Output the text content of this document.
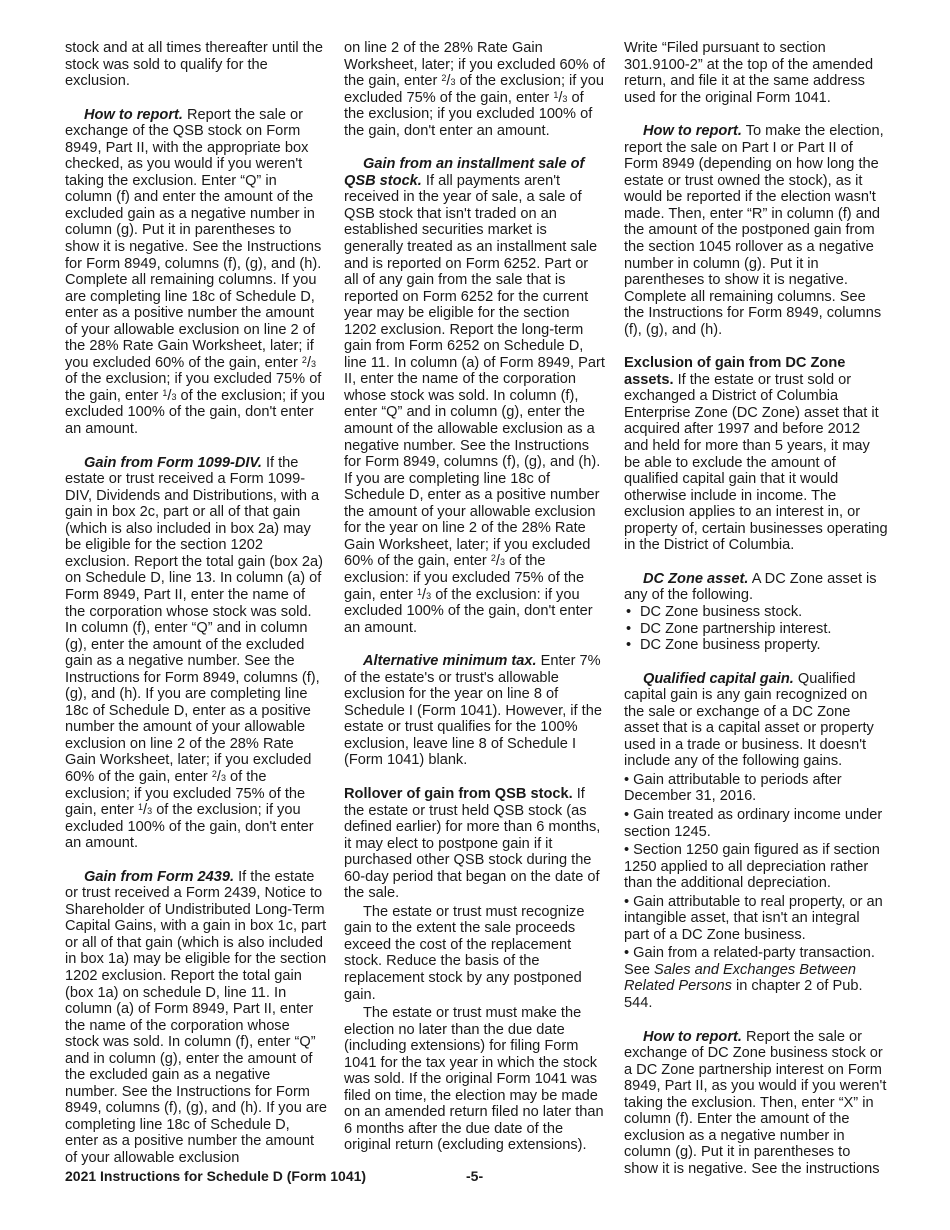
stock and at all times thereafter until the stock was sold to qualify for the exclusion.

How to report. Report the sale or exchange of the QSB stock on Form 8949, Part II, with the appropriate box checked, as you would if you weren't taking the exclusion. Enter “Q” in column (f) and enter the amount of the excluded gain as a negative number in column (g). Put it in parentheses to show it is negative. See the Instructions for Form 8949, columns (f), (g), and (h). Complete all remaining columns. If you are completing line 18c of Schedule D, enter as a positive number the amount of your allowable exclusion on line 2 of the 28% Rate Gain Worksheet, later; if you excluded 60% of the gain, enter $^2$/3 of the exclusion; if you excluded 75% of the gain, enter $^1$/3 of the exclusion; if you excluded 100% of the gain, don't enter an amount.

Gain from Form 1099-DIV. If the estate or trust received a Form 1099-DIV, Dividends and Distributions, with a gain in box 2c, part or all of that gain (which is also included in box 2a) may be eligible for the section 1202 exclusion. Report the total gain (box 2a) on Schedule D, line 13. In column (a) of Form 8949, Part II, enter the name of the corporation whose stock was sold. In column (f), enter “Q” and in column (g), enter the amount of the excluded gain as a negative number. See the Instructions for Form 8949, columns (f), (g), and (h). If you are completing line 18c of Schedule D, enter as a positive number the amount of your allowable exclusion on line 2 of the 28% Rate Gain Worksheet, later; if you excluded 60% of the gain, enter $^2$/3 of the exclusion; if you excluded 75% of the gain, enter $^1$/3 of the exclusion; if you excluded 100% of the gain, don't enter an amount.

Gain from Form 2439. If the estate or trust received a Form 2439, Notice to Shareholder of Undistributed Long-Term Capital Gains, with a gain in box 1c, part or all of that gain (which is also included in box 1a) may be eligible for the section 1202 exclusion. Report the total gain (box 1a) on schedule D, line 11. In column (a) of Form 8949, Part II, enter the name of the corporation whose stock was sold. In column (f), enter “Q” and in column (g), enter the amount of the excluded gain as a negative number. See the Instructions for Form 8949, columns (f), (g), and (h). If you are completing line 18c of Schedule D, enter as a positive number the amount of your allowable exclusion

on line 2 of the 28% Rate Gain Worksheet, later; if you excluded 60% of the gain, enter $^2$/3 of the exclusion; if you excluded 75% of the gain, enter $^1$/3 of the exclusion; if you excluded 100% of the gain, don't enter an amount.

Gain from an installment sale of QSB stock. If all payments aren't received in the year of sale, a sale of QSB stock that isn't traded on an established securities market is generally treated as an installment sale and is reported on Form 6252. Part or all of any gain from the sale that is reported on Form 6252 for the current year may be eligible for the section 1202 exclusion. Report the long-term gain from Form 6252 on Schedule D, line 11. In column (a) of Form 8949, Part II, enter the name of the corporation whose stock was sold. In column (f), enter “Q” and in column (g), enter the amount of the allowable exclusion as a negative number. See the Instructions for Form 8949, columns (f), (g), and (h). If you are completing line 18c of Schedule D, enter as a positive number the amount of your allowable exclusion for the year on line 2 of the 28% Rate Gain Worksheet, later; if you excluded 60% of the gain, enter $^2$/3 of the exclusion: if you excluded 75% of the gain, enter $^1$/3 of the exclusion: if you excluded 100% of the gain, don't enter an amount.

Alternative minimum tax. Enter 7% of the estate's or trust's allowable exclusion for the year on line 8 of Schedule I (Form 1041). However, if the estate or trust qualifies for the 100% exclusion, leave line 8 of Schedule I (Form 1041) blank.

Rollover of gain from QSB stock. If the estate or trust held QSB stock (as defined earlier) for more than 6 months, it may elect to postpone gain if it purchased other QSB stock during the 60-day period that began on the date of the sale.

The estate or trust must recognize gain to the extent the sale proceeds exceed the cost of the replacement stock. Reduce the basis of the replacement stock by any postponed gain.

The estate or trust must make the election no later than the due date (including extensions) for filing Form 1041 for the tax year in which the stock was sold. If the original Form 1041 was filed on time, the election may be made on an amended return filed no later than 6 months after the due date of the original return (excluding extensions).

Write “Filed pursuant to section 301.9100-2” at the top of the amended return, and file it at the same address used for the original Form 1041.

How to report. To make the election, report the sale on Part I or Part II of Form 8949 (depending on how long the estate or trust owned the stock), as it would be reported if the election wasn't made. Then, enter “R” in column (f) and the amount of the postponed gain from the section 1045 rollover as a negative number in column (g). Put it in parentheses to show it is negative. Complete all remaining columns. See the Instructions for Form 8949, columns (f), (g), and (h).

Exclusion of gain from DC Zone assets. If the estate or trust sold or exchanged a District of Columbia Enterprise Zone (DC Zone) asset that it acquired after 1997 and before 2012 and held for more than 5 years, it may be able to exclude the amount of qualified capital gain that it would otherwise include in income. The exclusion applies to an interest in, or property of, certain businesses operating in the District of Columbia.

DC Zone asset. A DC Zone asset is any of the following.

• DC Zone business stock.
• DC Zone partnership interest.
• DC Zone business property.

Qualified capital gain. Qualified capital gain is any gain recognized on the sale or exchange of a DC Zone asset that is a capital asset or property used in a trade or business. It doesn't include any of the following gains.

• Gain attributable to periods after December 31, 2016.

• Gain treated as ordinary income under section 1245.

• Section 1250 gain figured as if section 1250 applied to all depreciation rather than the additional depreciation.

• Gain attributable to real property, or an intangible asset, that isn't an integral part of a DC Zone business.

• Gain from a related-party transaction. See Sales and Exchanges Between Related Persons in chapter 2 of Pub. 544.

How to report. Report the sale or exchange of DC Zone business stock or a DC Zone partnership interest on Form 8949, Part II, as you would if you weren't taking the exclusion. Then, enter “X” in column (f). Enter the amount of the exclusion as a negative number in column (g). Put it in parentheses to show it is negative. See the instructions

2021 Instructions for Schedule D (Form 1041)	-5-
